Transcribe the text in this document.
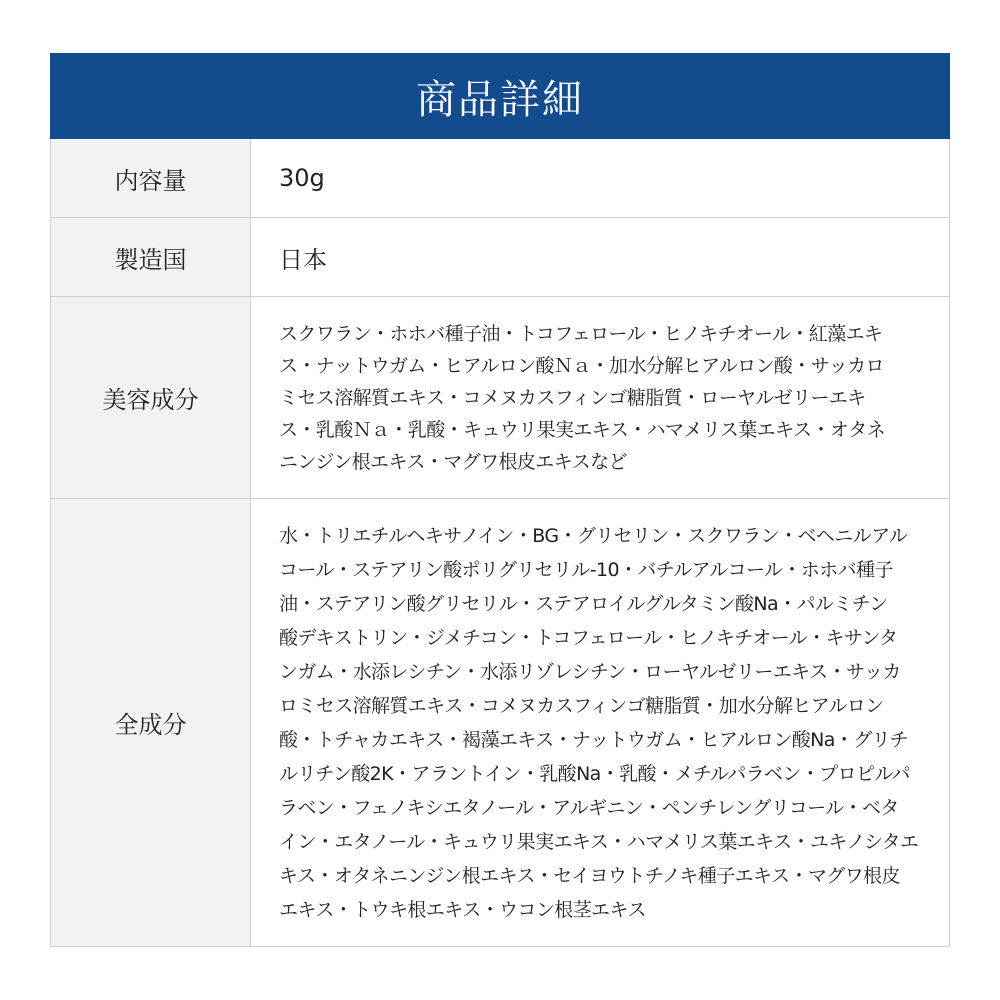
商品詳細
内容量	30g
製造国	日本
美容成分
スクワラン・ホホバ種子油・トコフェロール・ヒノキチオール・紅藻エキ
ス・ナットウガム・ヒアルロン酸Ｎａ・加水分解ヒアルロン酸・サッカロ
ミセス溶解質エキス・コメヌカスフィンゴ糖脂質・ローヤルゼリーエキ
ス・乳酸Ｎａ・乳酸・キュウリ果実エキス・ハマメリス葉エキス・オタネ
ニンジン根エキス・マグワ根皮エキスなど
全成分
水・トリエチルヘキサノイン・BG・グリセリン・スクワラン・ベヘニルアル
コール・ステアリン酸ポリグリセリル-10・バチルアルコール・ホホバ種子
油・ステアリン酸グリセリル・ステアロイルグルタミン酸Na・パルミチン
酸デキストリン・ジメチコン・トコフェロール・ヒノキチオール・キサンタ
ンガム・水添レシチン・水添リゾレシチン・ローヤルゼリーエキス・サッカ
ロミセス溶解質エキス・コメヌカスフィンゴ糖脂質・加水分解ヒアルロン
酸・トチャカエキス・褐藻エキス・ナットウガム・ヒアルロン酸Na・グリチ
ルリチン酸2K・アラントイン・乳酸Na・乳酸・メチルパラベン・プロピルパ
ラベン・フェノキシエタノール・アルギニン・ペンチレングリコール・ベタ
イン・エタノール・キュウリ果実エキス・ハマメリス葉エキス・ユキノシタエ
キス・オタネニンジン根エキス・セイヨウトチノキ種子エキス・マグワ根皮
エキス・トウキ根エキス・ウコン根茎エキス
